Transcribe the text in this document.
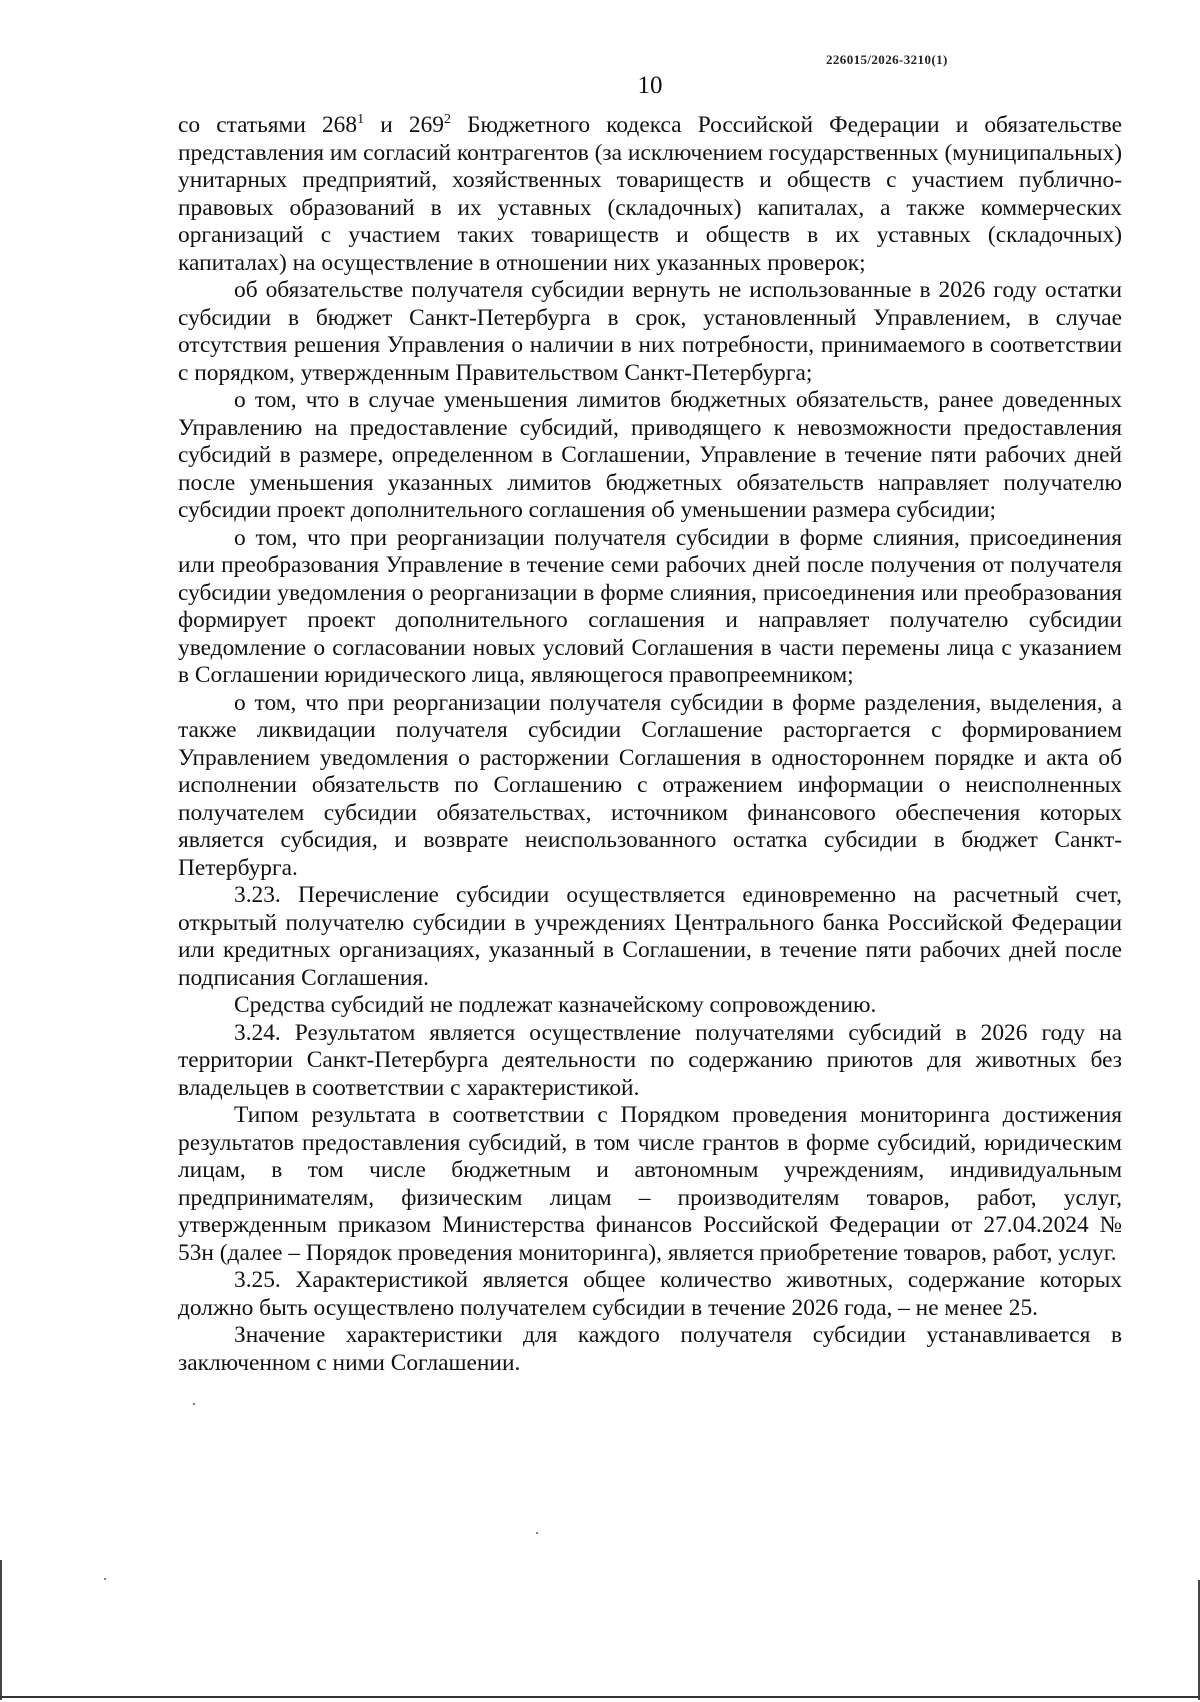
226015/2026-3210(1)
10

со статьями $268^1$ и $269^2$ Бюджетного кодекса Российской Федерации и обязательстве представления им согласий контрагентов (за исключением государственных (муниципальных) унитарных предприятий, хозяйственных товариществ и обществ с участием публично-правовых образований в их уставных (складочных) капиталах, а также коммерческих организаций с участием таких товариществ и обществ в их уставных (складочных) капиталах) на осуществление в отношении них указанных проверок;

об обязательстве получателя субсидии вернуть не использованные в 2026 году остатки субсидии в бюджет Санкт-Петербурга в срок, установленный Управлением, в случае отсутствия решения Управления о наличии в них потребности, принимаемого в соответствии с порядком, утвержденным Правительством Санкт-Петербурга;

о том, что в случае уменьшения лимитов бюджетных обязательств, ранее доведенных Управлению на предоставление субсидий, приводящего к невозможности предоставления субсидий в размере, определенном в Соглашении, Управление в течение пяти рабочих дней после уменьшения указанных лимитов бюджетных обязательств направляет получателю субсидии проект дополнительного соглашения об уменьшении размера субсидии;

о том, что при реорганизации получателя субсидии в форме слияния, присоединения или преобразования Управление в течение семи рабочих дней после получения от получателя субсидии уведомления о реорганизации в форме слияния, присоединения или преобразования формирует проект дополнительного соглашения и направляет получателю субсидии уведомление о согласовании новых условий Соглашения в части перемены лица с указанием в Соглашении юридического лица, являющегося правопреемником;

о том, что при реорганизации получателя субсидии в форме разделения, выделения, а также ликвидации получателя субсидии Соглашение расторгается с формированием Управлением уведомления о расторжении Соглашения в одностороннем порядке и акта об исполнении обязательств по Соглашению с отражением информации о неисполненных получателем субсидии обязательствах, источником финансового обеспечения которых является субсидия, и возврате неиспользованного остатка субсидии в бюджет Санкт-Петербурга.

3.23. Перечисление субсидии осуществляется единовременно на расчетный счет, открытый получателю субсидии в учреждениях Центрального банка Российской Федерации или кредитных организациях, указанный в Соглашении, в течение пяти рабочих дней после подписания Соглашения.

Средства субсидий не подлежат казначейскому сопровождению.

3.24. Результатом является осуществление получателями субсидий в 2026 году на территории Санкт-Петербурга деятельности по содержанию приютов для животных без владельцев в соответствии с характеристикой.

Типом результата в соответствии с Порядком проведения мониторинга достижения результатов предоставления субсидий, в том числе грантов в форме субсидий, юридическим лицам, в том числе бюджетным и автономным учреждениям, индивидуальным предпринимателям, физическим лицам – производителям товаров, работ, услуг, утвержденным приказом Министерства финансов Российской Федерации от 27.04.2024 № 53н (далее – Порядок проведения мониторинга), является приобретение товаров, работ, услуг.

3.25. Характеристикой является общее количество животных, содержание которых должно быть осуществлено получателем субсидии в течение 2026 года, – не менее 25.

Значение характеристики для каждого получателя субсидии устанавливается в заключенном с ними Соглашении.
